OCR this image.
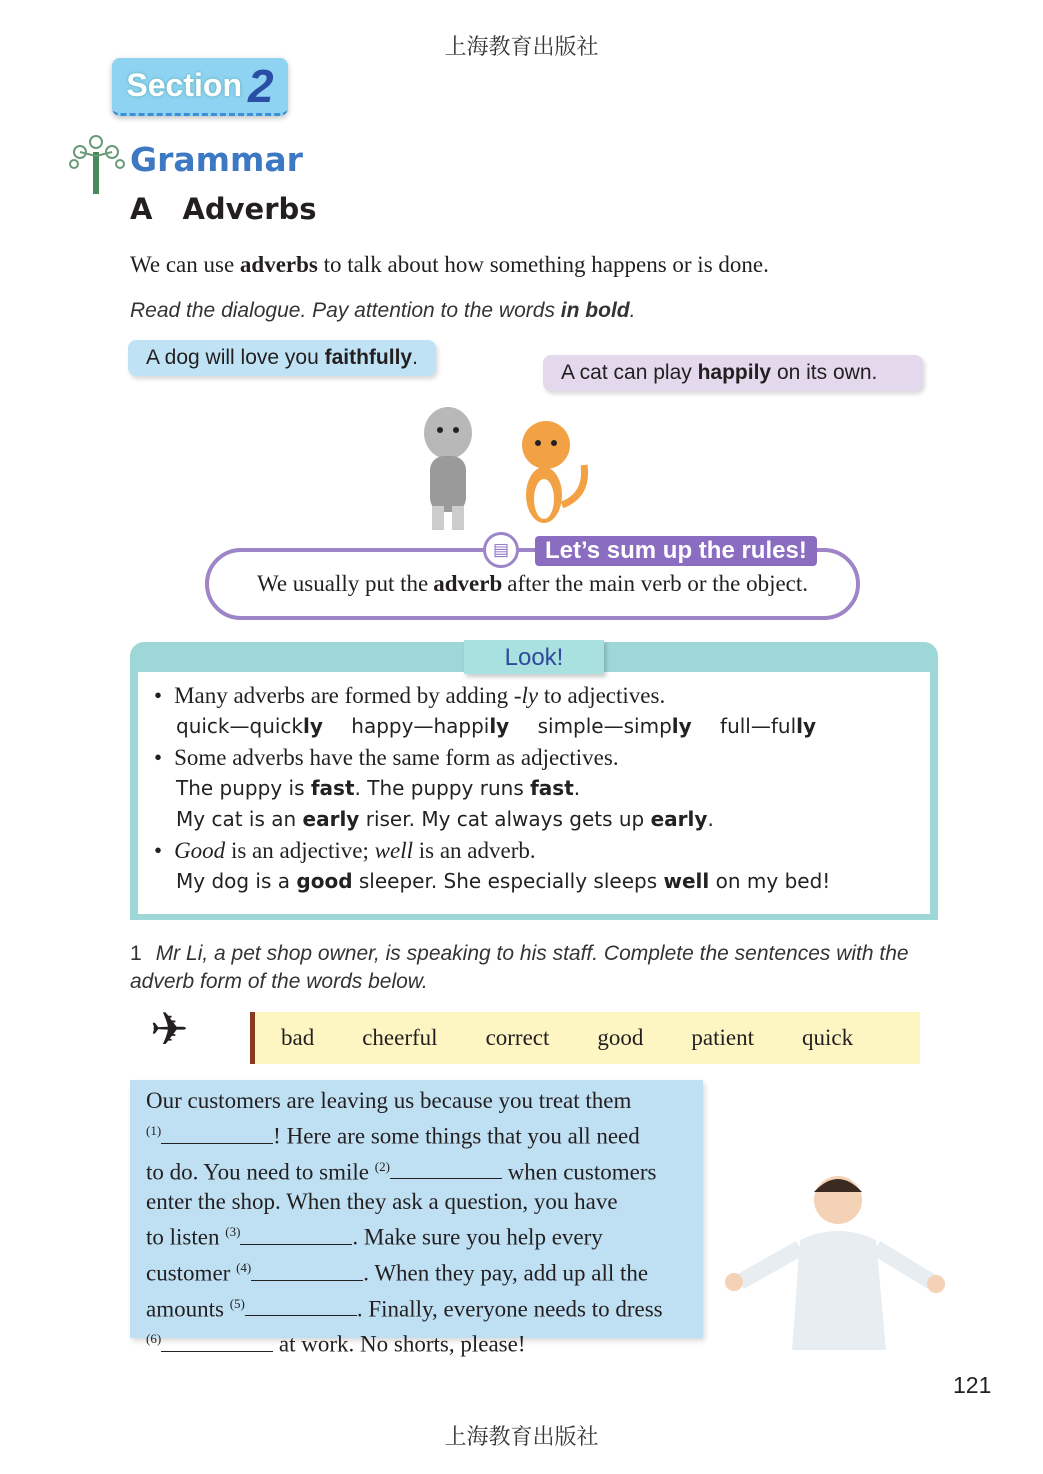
上海教育出版社
Section 2
Grammar
A Adverbs
We can use adverbs to talk about how something happens or is done.
Read the dialogue. Pay attention to the words in bold.
A dog will love you faithfully.
A cat can play happily on its own.
We usually put the adverb after the main verb or the object.
▤	Let’s sum up the rules!
• Many adverbs are formed by adding -ly to adjectives.
quick—quickly happy—happily simple—simply full—fully
• Some adverbs have the same form as adjectives.
The puppy is fast. The puppy runs fast.
My cat is an early riser. My cat always gets up early.
• Good is an adjective; well is an adverb.
My dog is a good sleeper. She especially sleeps well on my bed!
Look!
1 Mr Li, a pet shop owner, is speaking to his staff. Complete the sentences with the adverb form of the words below.
✈	bad cheerful correct good patient quick
Our customers are leaving us because you treat them
$^{(1)}$	! Here are some things that you all need
to do. You need to smile $^{(2)}$	when customers
enter the shop. When they ask a question, you have
to listen $^{(3)}$	. Make sure you help every
customer $^{(4)}$	. When they pay, add up all the
amounts $^{(5)}$	. Finally, everyone needs to dress
$^{(6)}$	at work. No shorts, please!
121
上海教育出版社
